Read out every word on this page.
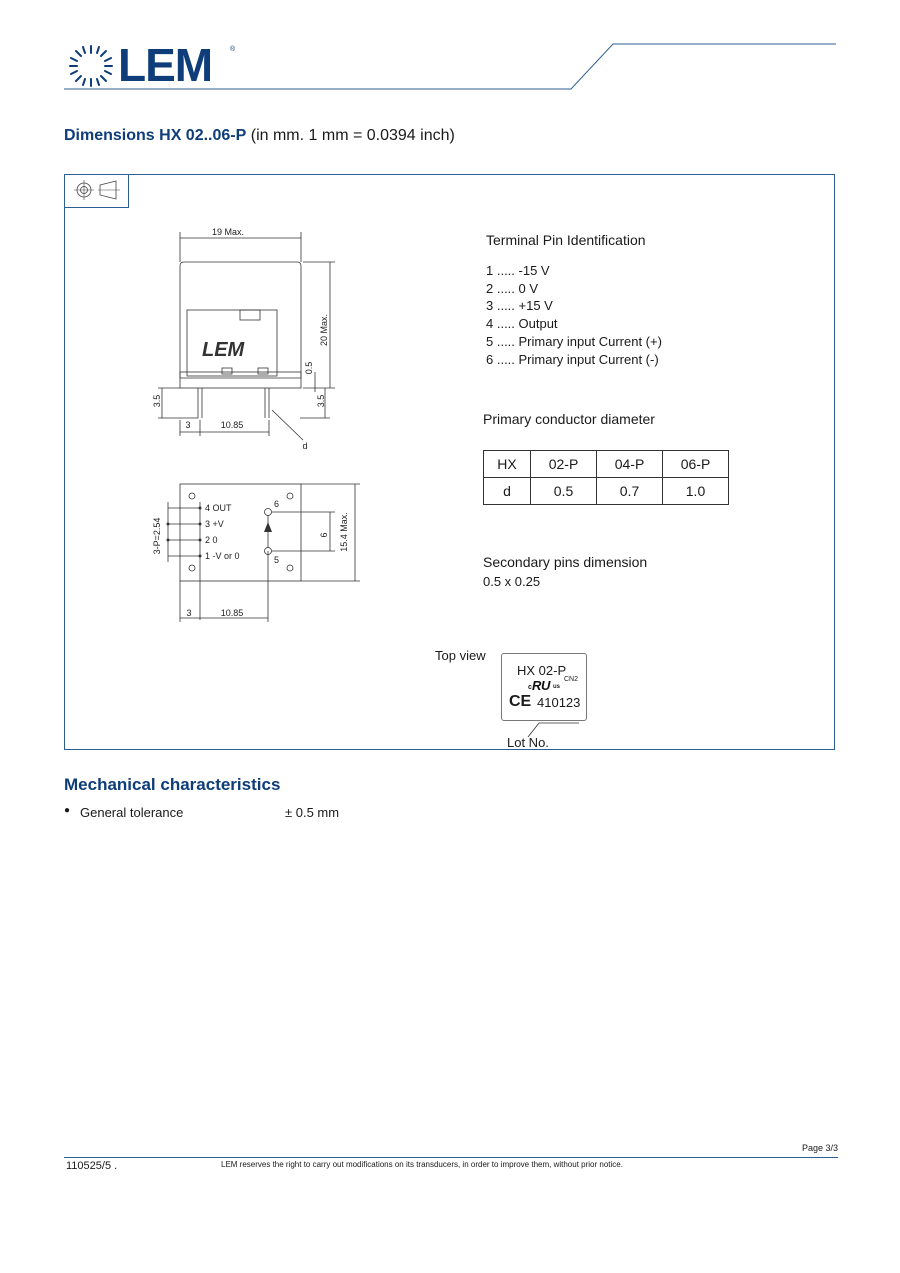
LEM	®
Dimensions HX 02..06-P (in mm. 1 mm = 0.0394 inch)
19 Max.
20 Max.
0.5
3.5	3.5
3	10.85
d
4 OUT
3 +V
2 0
1 -V or 0
6
5
3-P=2.54	6 15.4 Max.
3	10.85
LEM
Terminal Pin Identification
1 ..... -15 V
2 ..... 0 V
3 ..... +15 V
4 ..... Output
5 ..... Primary input Current (+)
6 ..... Primary input Current (-)
Primary conductor diameter
HX	02-P	04-P	06-P
d	0.5	0.7	1.0
Secondary pins dimension
0.5 x 0.25
Top view
HX 02-P
CN2
c R U us
CE 410123
Lot No.
Mechanical characteristics
● General tolerance	± 0.5 mm
Page 3/3
110525/5 .	LEM reserves the right to carry out modifications on its transducers, in order to improve them, without prior notice.
